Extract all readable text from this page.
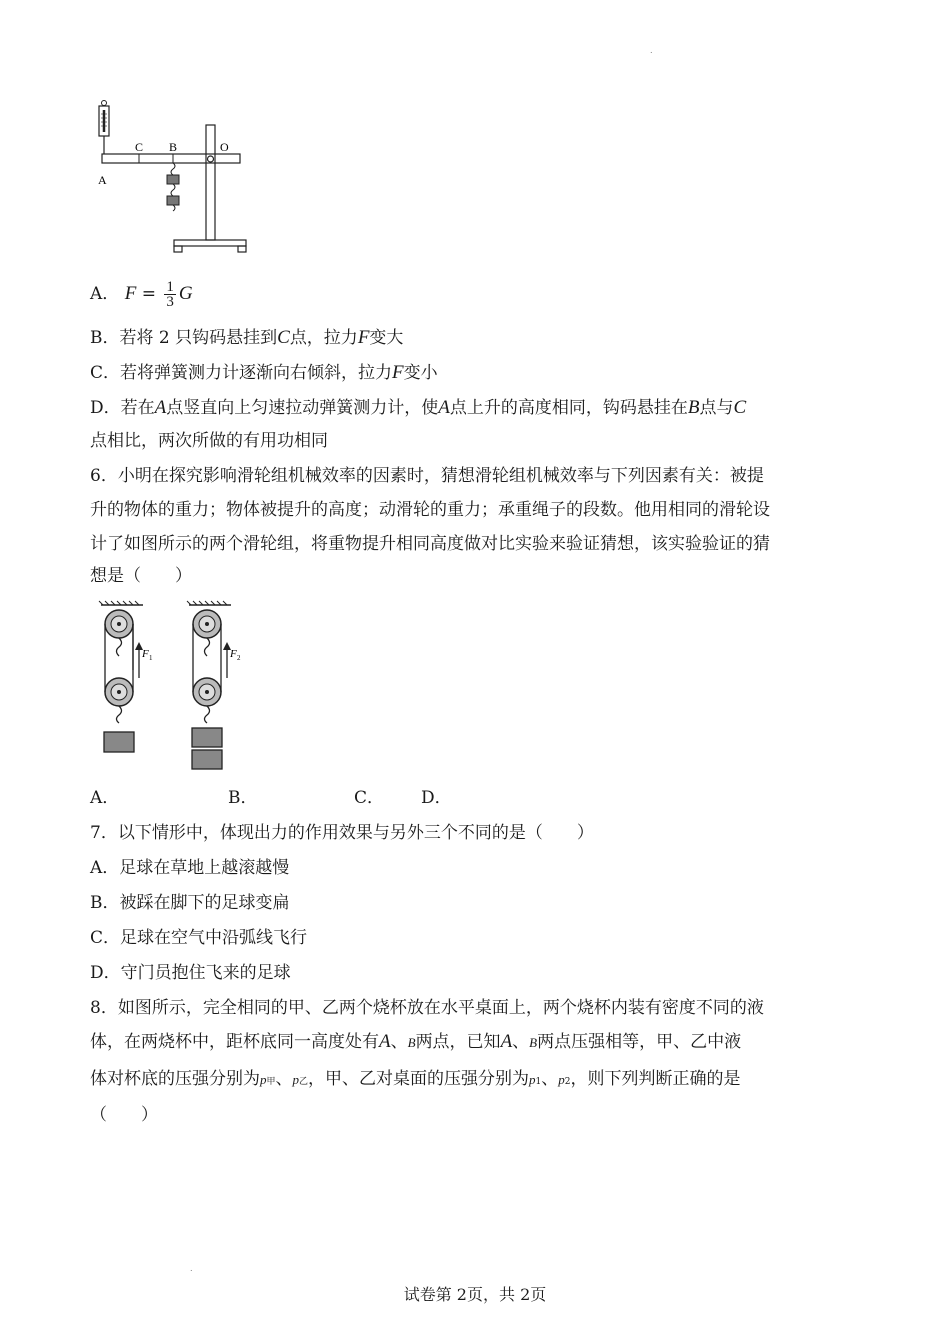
.
A
C B	O
A． $F = \frac{1}{3}$ G
B．若将 2 只钩码悬挂到C点，拉力F变大
C．若将弹簧测力计逐渐向右倾斜，拉力F变小
D．若在A点竖直向上匀速拉动弹簧测力计，使A点上升的高度相同，钩码悬挂在B点与C
点相比，两次所做的有用功相同
6．小明在探究影响滑轮组机械效率的因素时，猜想滑轮组机械效率与下列因素有关：被提
升的物体的重力；物体被提升的高度；动滑轮的重力；承重绳子的段数。他用相同的滑轮设
计了如图所示的两个滑轮组，将重物提升相同高度做对比实验来验证猜想，该实验验证的猜
想是（　　）
F 1	F 2
A．	B．	C． D．
7．以下情形中，体现出力的作用效果与另外三个不同的是（　　）
A．足球在草地上越滚越慢
B．被踩在脚下的足球变扁
C．足球在空气中沿弧线飞行
D．守门员抱住飞来的足球
8．如图所示，完全相同的甲、乙两个烧杯放在水平桌面上，两个烧杯内装有密度不同的液
体，在两烧杯中，距杯底同一高度处有A、B两点，已知A、B两点压强相等，甲、乙中液
体对杯底的压强分别为p甲、p乙，甲、乙对桌面的压强分别为p1、p2，则下列判断正确的是
（　　）
.
试卷第 2页，共 2页
